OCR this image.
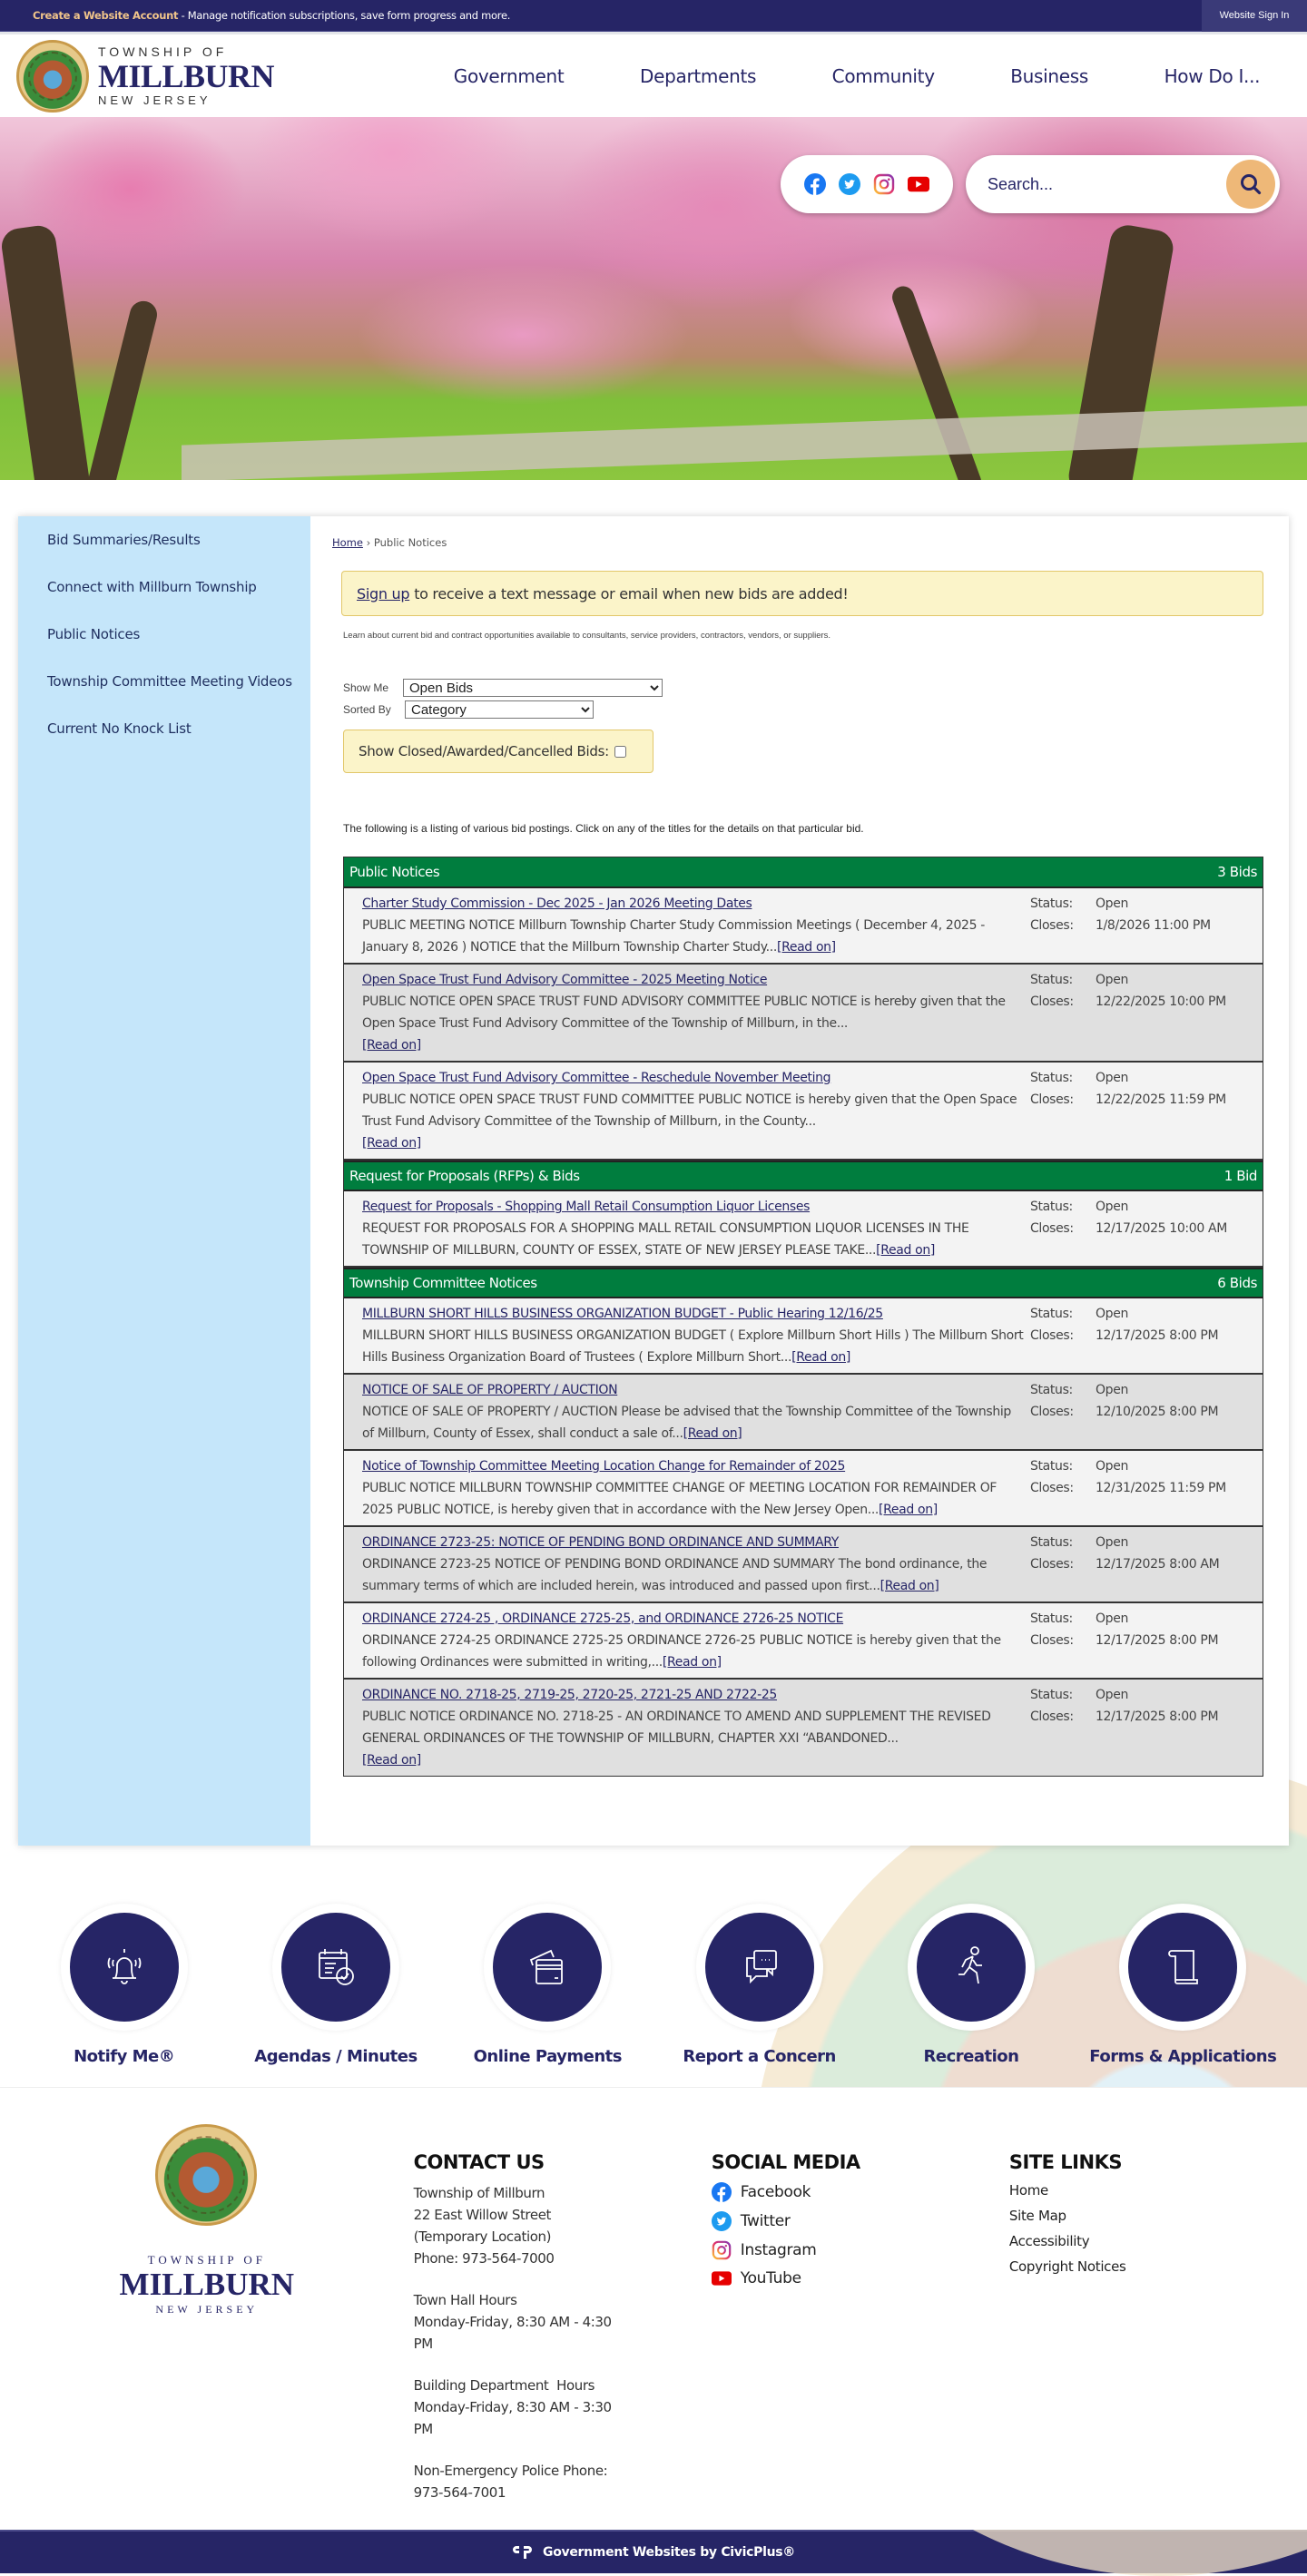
Create a Website Account - Manage notification subscriptions, save form progress and more.	Website Sign In
TOWNSHIP OF
MILLBURN
NEW JERSEY
Government	Departments	Community	Business	How Do I...
Search...
Bid Summaries/Results
Connect with Millburn Township
Public Notices
Township Committee Meeting Videos
Current No Knock List
Home › Public Notices
Sign up to receive a text message or email when new bids are added!

Learn about current bid and contract opportunities available to consultants, service providers, contractors, vendors, or suppliers.

Show Me
Open Bids
Sorted By
Category
Show Closed/Awarded/Cancelled Bids:

The following is a listing of various bid postings. Click on any of the titles for the details on that particular bid.

Public Notices	3 Bids
Charter Study Commission - Dec 2025 - Jan 2026 Meeting Dates
PUBLIC MEETING NOTICE Millburn Township Charter Study Commission Meetings ( December 4, 2025 - January 8, 2026 ) NOTICE that the Millburn Township Charter Study...[Read on]
Status:	Open
Closes:	1/8/2026 11:00 PM
Open Space Trust Fund Advisory Committee - 2025 Meeting Notice
PUBLIC NOTICE OPEN SPACE TRUST FUND ADVISORY COMMITTEE PUBLIC NOTICE is hereby given that the Open Space Trust Fund Advisory Committee of the Township of Millburn, in the...
[Read on]
Status:	Open
Closes:	12/22/2025 10:00 PM
Open Space Trust Fund Advisory Committee - Reschedule November Meeting
PUBLIC NOTICE OPEN SPACE TRUST FUND COMMITTEE PUBLIC NOTICE is hereby given that the Open Space Trust Fund Advisory Committee of the Township of Millburn, in the County...
[Read on]
Status:	Open
Closes:	12/22/2025 11:59 PM
Request for Proposals (RFPs) & Bids	1 Bid
Request for Proposals - Shopping Mall Retail Consumption Liquor Licenses
REQUEST FOR PROPOSALS FOR A SHOPPING MALL RETAIL CONSUMPTION LIQUOR LICENSES IN THE TOWNSHIP OF MILLBURN, COUNTY OF ESSEX, STATE OF NEW JERSEY PLEASE TAKE...[Read on]
Status:	Open
Closes:	12/17/2025 10:00 AM
Township Committee Notices	6 Bids
MILLBURN SHORT HILLS BUSINESS ORGANIZATION BUDGET - Public Hearing 12/16/25
MILLBURN SHORT HILLS BUSINESS ORGANIZATION BUDGET ( Explore Millburn Short Hills ) The Millburn Short Hills Business Organization Board of Trustees ( Explore Millburn Short...[Read on]
Status:	Open
Closes:	12/17/2025 8:00 PM
NOTICE OF SALE OF PROPERTY / AUCTION
NOTICE OF SALE OF PROPERTY / AUCTION Please be advised that the Township Committee of the Township of Millburn, County of Essex, shall conduct a sale of...[Read on]
Status:	Open
Closes:	12/10/2025 8:00 PM
Notice of Township Committee Meeting Location Change for Remainder of 2025
PUBLIC NOTICE MILLBURN TOWNSHIP COMMITTEE CHANGE OF MEETING LOCATION FOR REMAINDER OF 2025 PUBLIC NOTICE, is hereby given that in accordance with the New Jersey Open...[Read on]
Status:	Open
Closes:	12/31/2025 11:59 PM
ORDINANCE 2723-25: NOTICE OF PENDING BOND ORDINANCE AND SUMMARY
ORDINANCE 2723-25 NOTICE OF PENDING BOND ORDINANCE AND SUMMARY The bond ordinance, the summary terms of which are included herein, was introduced and passed upon first...[Read on]
Status:	Open
Closes:	12/17/2025 8:00 AM
ORDINANCE 2724-25 , ORDINANCE 2725-25, and ORDINANCE 2726-25 NOTICE
ORDINANCE 2724-25 ORDINANCE 2725-25 ORDINANCE 2726-25 PUBLIC NOTICE is hereby given that the following Ordinances were submitted in writing,...[Read on]
Status:	Open
Closes:	12/17/2025 8:00 PM
ORDINANCE NO. 2718-25, 2719-25, 2720-25, 2721-25 AND 2722-25
PUBLIC NOTICE ORDINANCE NO. 2718-25 - AN ORDINANCE TO AMEND AND SUPPLEMENT THE REVISED GENERAL ORDINANCES OF THE TOWNSHIP OF MILLBURN, CHAPTER XXI “ABANDONED...
[Read on]
Status:	Open
Closes:	12/17/2025 8:00 PM
Notify Me®	Agendas / Minutes	Online Payments	Report a Concern	Recreation	Forms & Applications
TOWNSHIP OF
MILLBURN
NEW JERSEY
CONTACT US

Township of Millburn

22 East Willow Street

(Temporary Location)

Phone: 973-564-7000

Town Hall Hours

Monday-Friday, 8:30 AM - 4:30 PM

Building Department  Hours

Monday-Friday, 8:30 AM - 3:30 PM

Non-Emergency Police Phone:

973-564-7001

SOCIAL MEDIA
Facebook
Twitter
Instagram
YouTube
SITE LINKS
Home
Site Map
Accessibility
Copyright Notices
Government Websites by CivicPlus®
